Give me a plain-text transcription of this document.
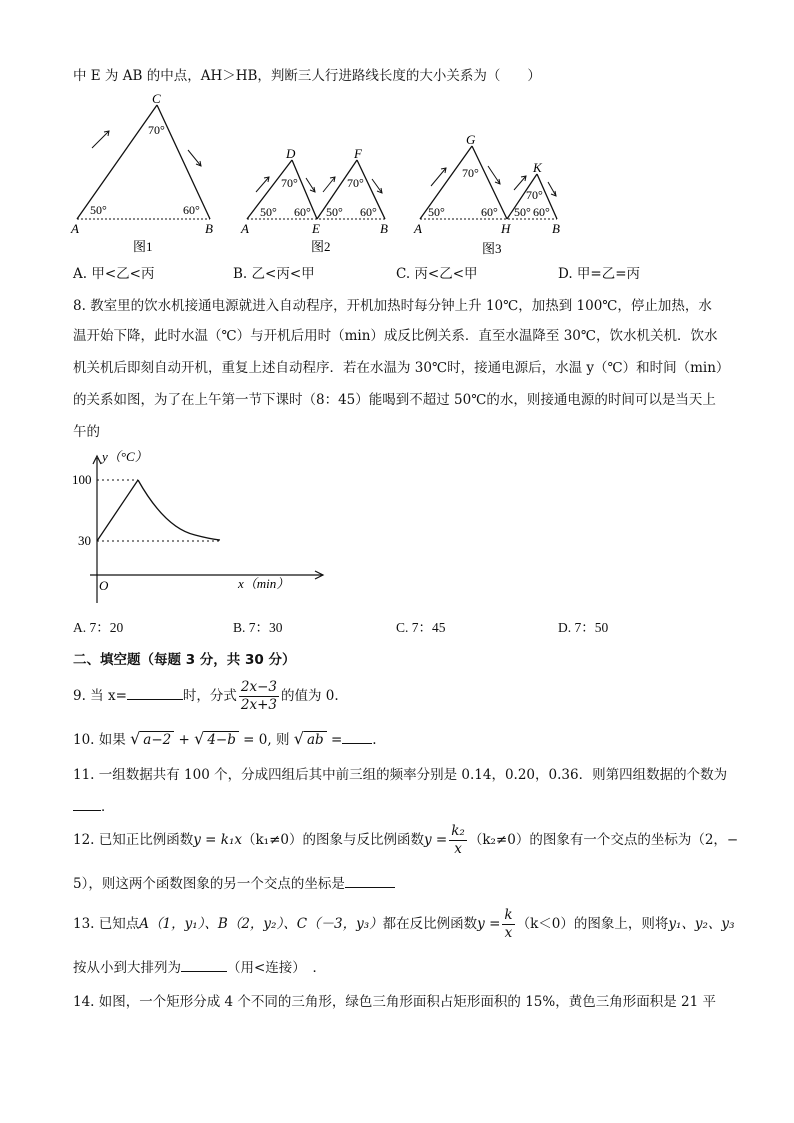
中 E 为 AB 的中点，AH＞HB，判断三人行进路线长度的大小关系为（　　）
C
70°
50°	60°
A	B
图1
D	F
70°	70°
50° 60° 50° 60°
A	E	B
图2
G
K
70°
70°
50°	60° 50° 60°
A	H	B
图3
A. 甲<乙<丙	B. 乙<丙<甲	C. 丙<乙<甲	D. 甲=乙=丙
8. 教室里的饮水机接通电源就进入自动程序，开机加热时每分钟上升 10℃，加热到 100℃，停止加热，水
温开始下降，此时水温（℃）与开机后用时（min）成反比例关系．直至水温降至 30℃，饮水机关机．饮水
机关机后即刻自动开机，重复上述自动程序．若在水温为 30℃时，接通电源后，水温 y（℃）和时间（min）
的关系如图，为了在上午第一节下课时（8：45）能喝到不超过 50℃的水，则接通电源的时间可以是当天上
午的
y（°C）
x（min）
O
100
30
A. 7：20	B. 7：30	C. 7：45	D. 7：50
二、填空题（每题 3 分，共 30 分）
9. 当 x=	时，分式 $\frac{2x-3}{2x+3}$ 的值为 0.
10. 如果 √ a−2 + √ 4−b = 0, 则 √ ab = .
11. 一组数据共有 100 个，分成四组后其中前三组的频率分别是 0.14，0.20，0.36．则第四组数据的个数为
．
12. 已知正比例函数y = k₁x（k₁≠0）的图象与反比例函数$y = \frac{\text{k₂}}{x} (k_2\ne 0)$的图象有一个交点的坐标为（2，−
5），则这两个函数图象的另一个交点的坐标是
13. 已知点A（1，y₁）、B（2，y₂）、C（－3，y₃）都在反比例函数$y = \frac{k}{x} (k<0)$的图象上，则将y₁、y₂、y₃
按从小到大排列为	（用<连接）　．
14. 如图，一个矩形分成 4 个不同的三角形，绿色三角形面积占矩形面积的 15%，黄色三角形面积是 21 平
